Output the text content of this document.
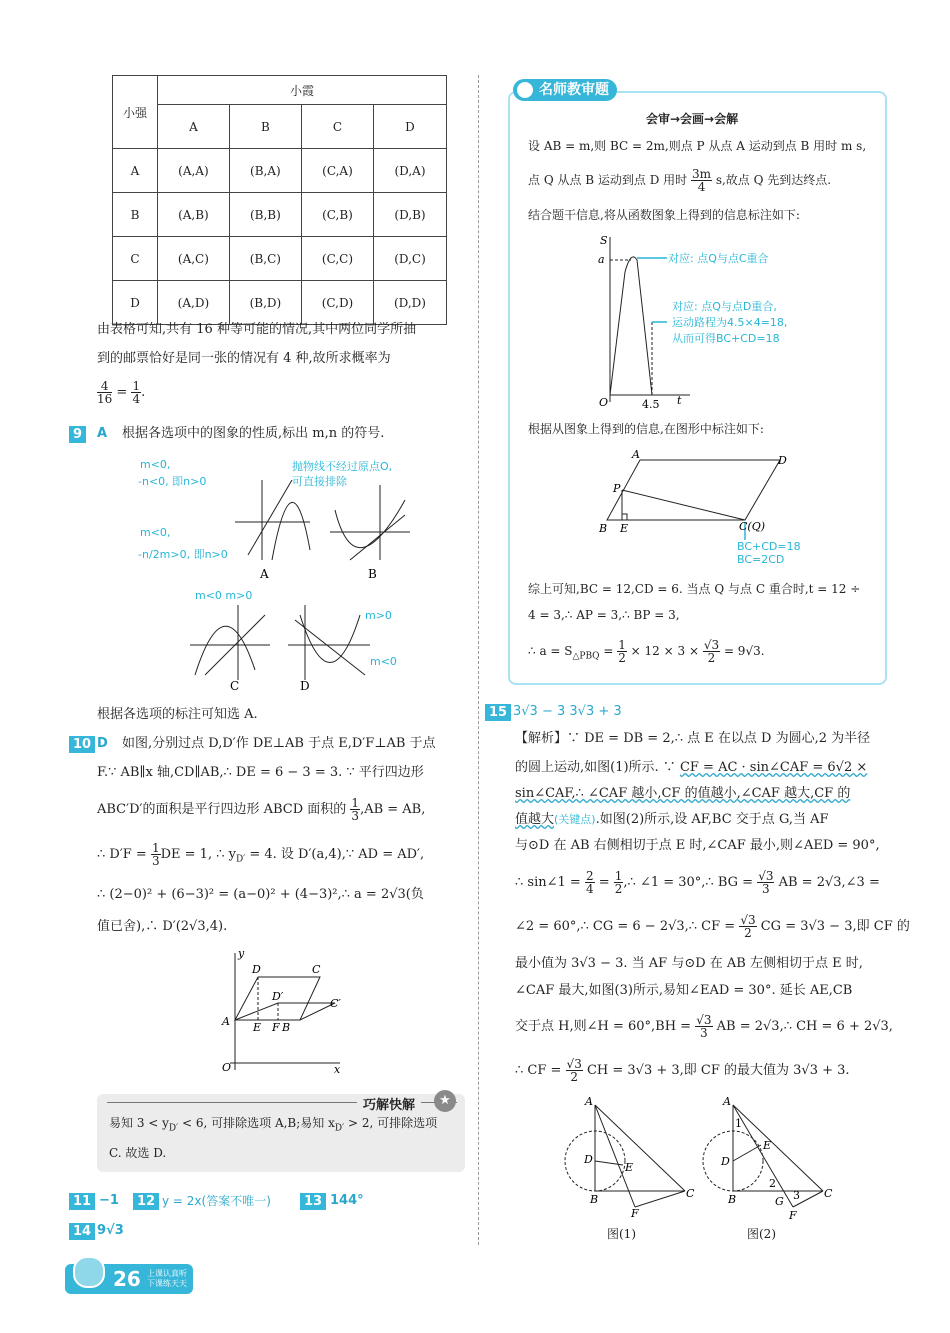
小强	小霞			
	A	B	C	D
A	(A,A)	(B,A)	(C,A)	(D,A)
B	(A,B)	(B,B)	(C,B)	(D,B)
C	(A,C)	(B,C)	(C,C)	(D,C)
D	(A,D)	(B,D)	(C,D)	(D,D)
由表格可知,共有 16 种等可能的情况,其中两位同学所抽
到的邮票恰好是同一张的情况有 4 种,故所求概率为
$\frac{4}{16} = \frac{1}{4}$ .
9	A 根据各选项中的图象的性质,标出 m,n 的符号.
m<0,
-n<0, 即n>0
抛物线不经过原点O,
可直接排除
m<0,
-n/2m>0, 即n>0
m<0 m>0
m>0
m<0
A	B
C	D
根据各选项的标注可知选 A.
10 D 如图,分别过点 D,D′作 DE⊥AB 于点 E,D′F⊥AB 于点
F.∵ AB∥x 轴,CD∥AB,∴ DE = 6 − 3 = 3. ∵ 平行四边形
ABC′D′的面积是平行四边形 ABCD 面积的 $\frac{1}{3} ,AB$ = AB,
∴ $D'F = \frac{1}{3}$ DE = 1, ∴ $y_{D'} = 4$. 设 D′(a,4),∵ AD = AD′,
∴ (2−0)² + (6−3)² = (a−0)² + (4−3)²,∴ a = 2√3(负
值已舍),∴ D′(2√3,4).
y
D	C
D′
C′
A E F B
O	x
巧解快解	★
易知 $3 < y_{D'} < 6$, 可排除选项 A,B;易知 $x_{D'} > 2$, 可排除选项
C. 故选 D.
11 −1	12 y = 2x(答案不唯一)	13 144°
14 9√3
26 上课认真听
下课练天天
名师教审题
会审→会画→会解
设 AB = m,则 BC = 2m,则点 P 从点 A 运动到点 B 用时 m s,
点 Q 从点 B 运动到点 D 用时 $\frac{3m}{4} s$,故点 Q 先到达终点.
结合题干信息,将从函数图象上得到的信息标注如下:
S
a
O	4.5 t
对应: 点Q与点C重合
对应: 点Q与点D重合,
运动路程为4.5×4=18,
从而可得BC+CD=18
根据从图象上得到的信息,在图形中标注如下:
A	D
P
B E	C(Q)
BC+CD=18
BC=2CD
综上可知,BC = 12,CD = 6. 当点 Q 与点 C 重合时,t = 12 ÷
4 = 3,∴ AP = 3,∴ BP = 3,
∴ $a = S_{\triangle PBQ} = \frac{1}{2} \times 12 \times 3 \times \frac{√3}{2} = 9√3$.
15 3√3 − 3 3√3 + 3
【解析】∵ DE = DB = 2,∴ 点 E 在以点 D 为圆心,2 为半径
的圆上运动,如图(1)所示. ∵ CF = AC · sin∠CAF = 6√2 ×
sin∠CAF,∴ ∠CAF 越小,CF 的值越小,∠CAF 越大,CF 的
值越大(关键点).如图(2)所示,设 AF,BC 交于点 G,当 AF
与⊙D 在 AB 右侧相切于点 E 时,∠CAF 最小,则∠AED = 90°,
∴ sin∠1 = $\frac{2}{4} = \frac{1}{2}$ ,∴ ∠1 = 30°,∴ BG = $\frac{√3}{3}$ AB = 2√3,∠3 =
∠2 = 60°,∴ CG = 6 − 2√3,∴ CF = $\frac{√3}{2}$ CG = 3√3 − 3,即 CF 的
最小值为 3√3 − 3. 当 AF 与⊙D 在 AB 左侧相切于点 E 时,
∠CAF 最大,如图(3)所示,易知∠EAD = 30°. 延长 AE,CB
交于点 H,则∠H = $60^\circ,BH = \frac{√3}{3}$ AB = 2√3,∴ CH = 6 + 2√3,
∴ CF = $\frac{√3}{2}$ CH = 3√3 + 3,即 CF 的最大值为 3√3 + 3.
A
D
E
B
F
C
图(1)
A
1
E
D
2
3
B	G
F
C
图(2)
